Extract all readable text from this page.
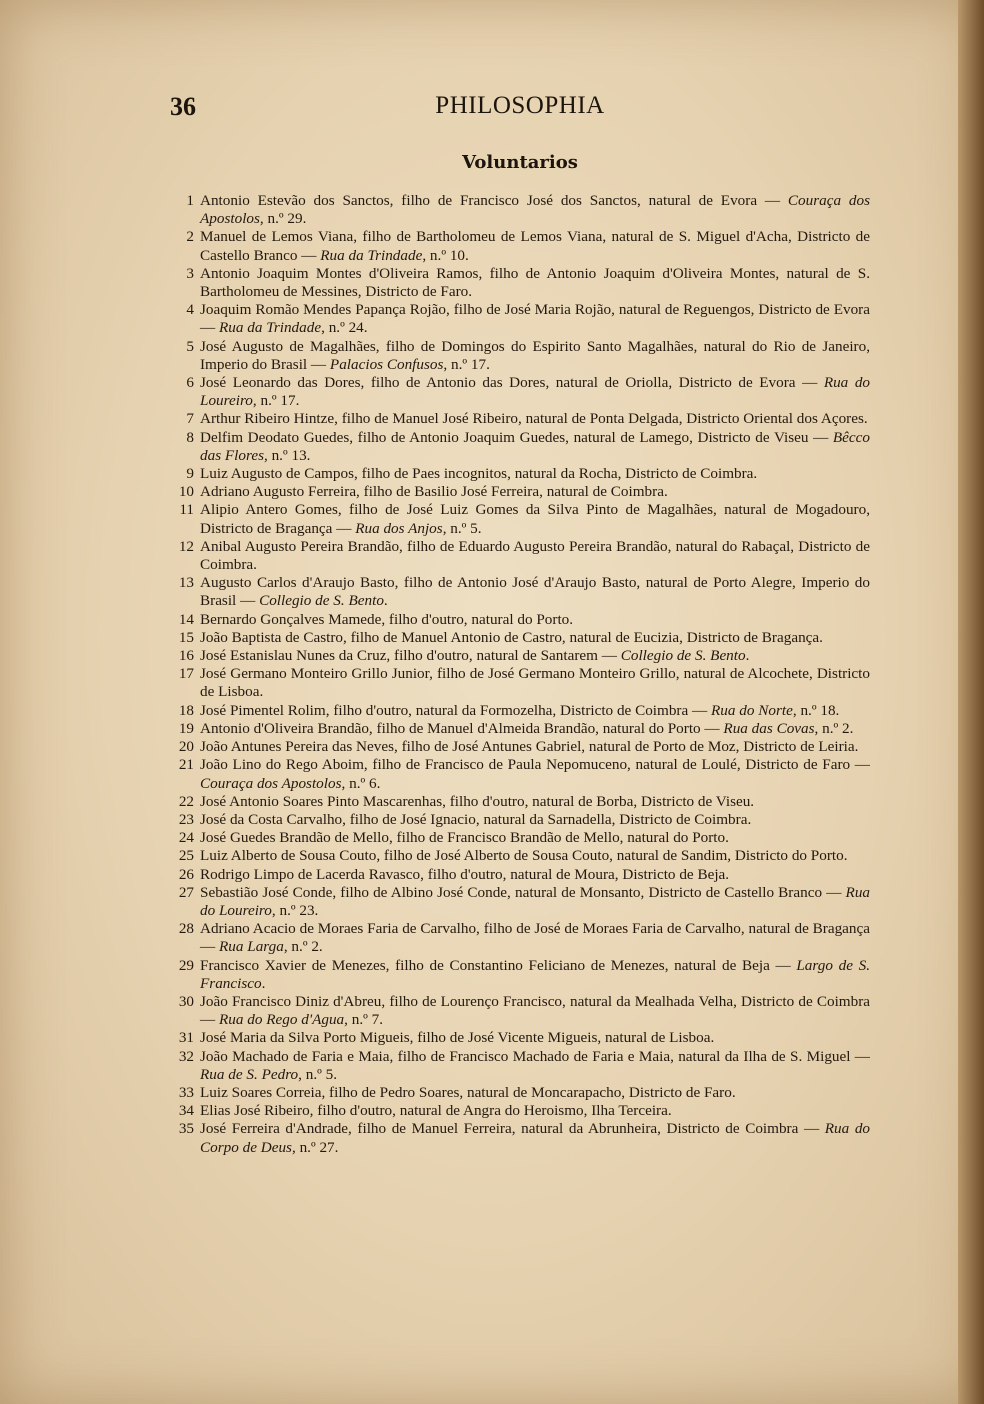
36	PHILOSOPHIA
Voluntarios
1 Antonio Estevão dos Sanctos, filho de Francisco José dos Sanctos, natural de Evora — Couraça dos Apostolos, n.º 29.
2 Manuel de Lemos Viana, filho de Bartholomeu de Lemos Viana, natural de S. Miguel d'Acha, Districto de Castello Branco — Rua da Trindade, n.º 10.
3 Antonio Joaquim Montes d'Oliveira Ramos, filho de Antonio Joaquim d'Oliveira Montes, natural de S. Bartholomeu de Messines, Districto de Faro.
4 Joaquim Romão Mendes Papança Rojão, filho de José Maria Rojão, natural de Reguengos, Districto de Evora — Rua da Trindade, n.º 24.
5 José Augusto de Magalhães, filho de Domingos do Espirito Santo Magalhães, natural do Rio de Janeiro, Imperio do Brasil — Palacios Confusos, n.º 17.
6 José Leonardo das Dores, filho de Antonio das Dores, natural de Oriolla, Districto de Evora — Rua do Loureiro, n.º 17.
7 Arthur Ribeiro Hintze, filho de Manuel José Ribeiro, natural de Ponta Delgada, Districto Oriental dos Açores.
8 Delfim Deodato Guedes, filho de Antonio Joaquim Guedes, natural de Lamego, Districto de Viseu — Bêcco das Flores, n.º 13.
9 Luiz Augusto de Campos, filho de Paes incognitos, natural da Rocha, Districto de Coimbra.
10 Adriano Augusto Ferreira, filho de Basilio José Ferreira, natural de Coimbra.
11 Alipio Antero Gomes, filho de José Luiz Gomes da Silva Pinto de Magalhães, natural de Mogadouro, Districto de Bragança — Rua dos Anjos, n.º 5.
12 Anibal Augusto Pereira Brandão, filho de Eduardo Augusto Pereira Brandão, natural do Rabaçal, Districto de Coimbra.
13 Augusto Carlos d'Araujo Basto, filho de Antonio José d'Araujo Basto, natural de Porto Alegre, Imperio do Brasil — Collegio de S. Bento.
14 Bernardo Gonçalves Mamede, filho d'outro, natural do Porto.
15 João Baptista de Castro, filho de Manuel Antonio de Castro, natural de Eucizia, Districto de Bragança.
16 José Estanislau Nunes da Cruz, filho d'outro, natural de Santarem — Collegio de S. Bento.
17 José Germano Monteiro Grillo Junior, filho de José Germano Monteiro Grillo, natural de Alcochete, Districto de Lisboa.
18 José Pimentel Rolim, filho d'outro, natural da Formozelha, Districto de Coimbra — Rua do Norte, n.º 18.
19 Antonio d'Oliveira Brandão, filho de Manuel d'Almeida Brandão, natural do Porto — Rua das Covas, n.º 2.
20 João Antunes Pereira das Neves, filho de José Antunes Gabriel, natural de Porto de Moz, Districto de Leiria.
21 João Lino do Rego Aboim, filho de Francisco de Paula Nepomuceno, natural de Loulé, Districto de Faro — Couraça dos Apostolos, n.º 6.
22 José Antonio Soares Pinto Mascarenhas, filho d'outro, natural de Borba, Districto de Viseu.
23 José da Costa Carvalho, filho de José Ignacio, natural da Sarnadella, Districto de Coimbra.
24 José Guedes Brandão de Mello, filho de Francisco Brandão de Mello, natural do Porto.
25 Luiz Alberto de Sousa Couto, filho de José Alberto de Sousa Couto, natural de Sandim, Districto do Porto.
26 Rodrigo Limpo de Lacerda Ravasco, filho d'outro, natural de Moura, Districto de Beja.
27 Sebastião José Conde, filho de Albino José Conde, natural de Monsanto, Districto de Castello Branco — Rua do Loureiro, n.º 23.
28 Adriano Acacio de Moraes Faria de Carvalho, filho de José de Moraes Faria de Carvalho, natural de Bragança — Rua Larga, n.º 2.
29 Francisco Xavier de Menezes, filho de Constantino Feliciano de Menezes, natural de Beja — Largo de S. Francisco.
30 João Francisco Diniz d'Abreu, filho de Lourenço Francisco, natural da Mealhada Velha, Districto de Coimbra — Rua do Rego d'Agua, n.º 7.
31 José Maria da Silva Porto Migueis, filho de José Vicente Migueis, natural de Lisboa.
32 João Machado de Faria e Maia, filho de Francisco Machado de Faria e Maia, natural da Ilha de S. Miguel — Rua de S. Pedro, n.º 5.
33 Luiz Soares Correia, filho de Pedro Soares, natural de Moncarapacho, Districto de Faro.
34 Elias José Ribeiro, filho d'outro, natural de Angra do Heroismo, Ilha Terceira.
35 José Ferreira d'Andrade, filho de Manuel Ferreira, natural da Abrunheira, Districto de Coimbra — Rua do Corpo de Deus, n.º 27.
